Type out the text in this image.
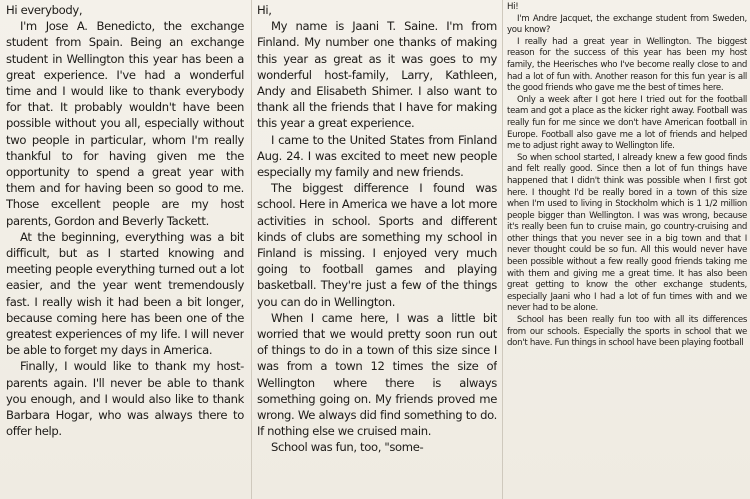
Hi everybody,

I'm Jose A. Benedicto, the exchange student from Spain. Being an exchange student in Wellington this year has been a great experience. I've had a wonderful time and I would like to thank everybody for that. It probably wouldn't have been possible without you all, especially without two people in particular, whom I'm really thankful to for having given me the opportunity to spend a great year with them and for having been so good to me. Those excellent people are my host parents, Gordon and Beverly Tackett.

At the beginning, everything was a bit difficult, but as I started knowing and meeting people everything turned out a lot easier, and the year went tremendously fast. I really wish it had been a bit longer, because coming here has been one of the greatest experiences of my life. I will never be able to forget my days in America.

Finally, I would like to thank my host-parents again. I'll never be able to thank you enough, and I would also like to thank Barbara Hogar, who was always there to offer help.

Hi,

My name is Jaani T. Saine. I'm from Finland. My number one thanks of making this year as great as it was goes to my wonderful host-family, Larry, Kathleen, Andy and Elisabeth Shimer. I also want to thank all the friends that I have for making this year a great experience.

I came to the United States from Finland Aug. 24. I was excited to meet new people especially my family and new friends.

The biggest difference I found was school. Here in America we have a lot more activities in school. Sports and different kinds of clubs are something my school in Finland is missing. I enjoyed very much going to football games and playing basketball. They're just a few of the things you can do in Wellington.

When I came here, I was a little bit worried that we would pretty soon run out of things to do in a town of this size since I was from a town 12 times the size of Wellington where there is always something going on. My friends proved me wrong. We always did find something to do. If nothing else we cruised main.

School was fun, too, "some-

Hi!

I'm Andre Jacquet, the exchange student from Sweden, you know?

I really had a great year in Wellington. The biggest reason for the success of this year has been my host family, the Heerisches who I've become really close to and had a lot of fun with. Another reason for this fun year is all the good friends who gave me the best of times here.

Only a week after I got here I tried out for the football team and got a place as the kicker right away. Football was really fun for me since we don't have American football in Europe. Football also gave me a lot of friends and helped me to adjust right away to Wellington life.

So when school started, I already knew a few good finds and felt really good. Since then a lot of fun things have happened that I didn't think was possible when I first got here. I thought I'd be really bored in a town of this size when I'm used to living in Stockholm which is 1 1/2 million people bigger than Wellington. I was was wrong, because it's really been fun to cruise main, go country-cruising and other things that you never see in a big town and that I never thought could be so fun. All this would never have been possible without a few really good friends taking me with them and giving me a great time. It has also been great getting to know the other exchange students, especially Jaani who I had a lot of fun times with and we never had to be alone.

School has been really fun too with all its differences from our schools. Especially the sports in school that we don't have. Fun things in school have been playing football
